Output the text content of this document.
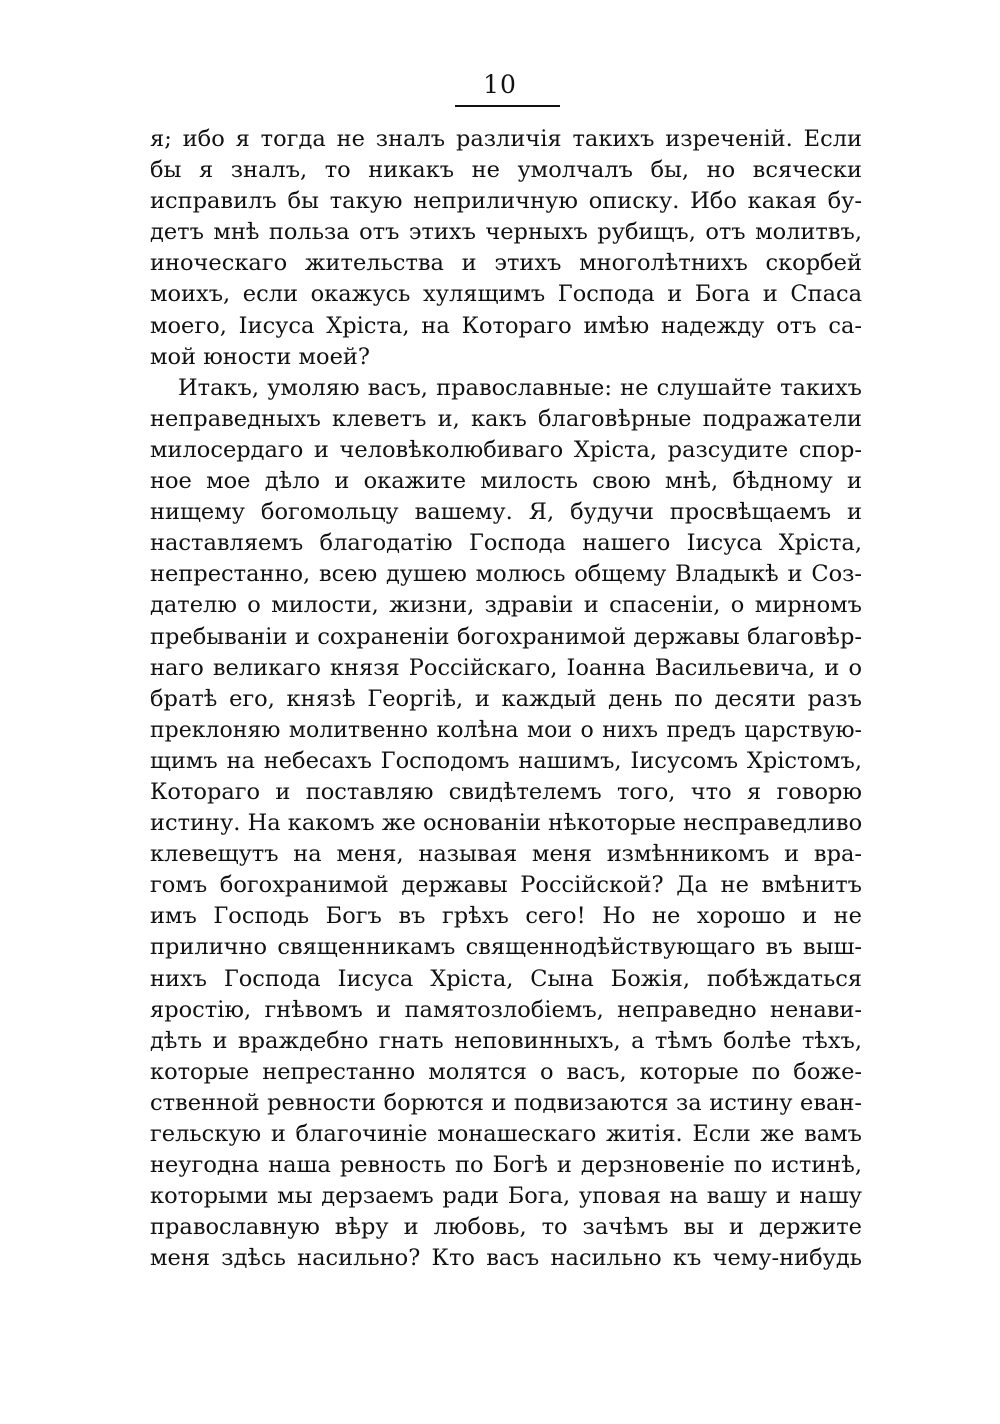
10
я; ибо я тогда не зналъ различія такихъ изреченій. Если
бы я зналъ, то никакъ не умолчалъ бы, но всячески
исправилъ бы такую неприличную описку. Ибо какая бу-
детъ мнѣ польза отъ этихъ черныхъ рубищъ, отъ молитвъ,
иноческаго жительства и этихъ многолѣтнихъ скорбей
моихъ, если окажусь хулящимъ Господа и Бога и Спаса
моего, Іисуса Хріста, на Котораго имѣю надежду отъ са-
мой юности моей?
Итакъ, умоляю васъ, православные: не слушайте такихъ
неправедныхъ клеветъ и, какъ благовѣрные подражатели
милосердаго и человѣколюбиваго Хріста, разсудите спор-
ное мое дѣло и окажите милость свою мнѣ, бѣдному и
нищему богомольцу вашему. Я, будучи просвѣщаемъ и
наставляемъ благодатію Господа нашего Іисуса Хріста,
непрестанно, всею душею молюсь общему Владыкѣ и Соз-
дателю о милости, жизни, здравіи и спасеніи, о мирномъ
пребываніи и сохраненіи богохранимой державы благовѣр-
наго великаго князя Россійскаго, Іоанна Васильевича, и о
братѣ его, князѣ Георгіѣ, и каждый день по десяти разъ
преклоняю молитвенно колѣна мои о нихъ предъ царствую-
щимъ на небесахъ Господомъ нашимъ, Іисусомъ Хрістомъ,
Котораго и поставляю свидѣтелемъ того, что я говорю
истину. На какомъ же основаніи нѣкоторые несправедливо
клевещутъ на меня, называя меня измѣнникомъ и вра-
гомъ богохранимой державы Россійской? Да не вмѣнитъ
имъ Господь Богъ въ грѣхъ сего! Но не хорошо и не
прилично священникамъ священнодѣйствующаго въ выш-
нихъ Господа Іисуса Хріста, Сына Божія, побѣждаться
яростію, гнѣвомъ и памятозлобіемъ, неправедно ненави-
дѣть и враждебно гнать неповинныхъ, а тѣмъ болѣе тѣхъ,
которые непрестанно молятся о васъ, которые по боже-
ственной ревности борются и подвизаются за истину еван-
гельскую и благочиніе монашескаго житія. Если же вамъ
неугодна наша ревность по Богѣ и дерзновеніе по истинѣ,
которыми мы дерзаемъ ради Бога, уповая на вашу и нашу
православную вѣру и любовь, то зачѣмъ вы и держите
меня здѣсь насильно? Кто васъ насильно къ чему-нибудь
